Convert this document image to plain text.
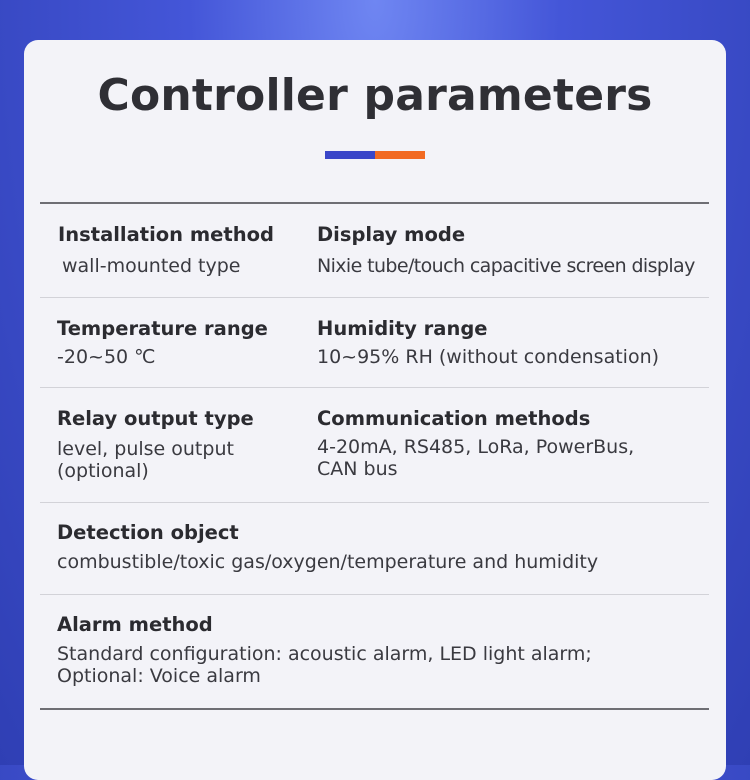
Controller parameters
Installation method
wall-mounted type
Display mode
Nixie tube/touch capacitive screen display
Temperature range
-20~50 ℃
Humidity range
10~95% RH (without condensation)
Relay output type
level, pulse output
(optional)
Communication methods
4-20mA, RS485, LoRa, PowerBus,
CAN bus
Detection object
combustible/toxic gas/oxygen/temperature and humidity
Alarm method
Standard configuration: acoustic alarm, LED light alarm;
Optional: Voice alarm
